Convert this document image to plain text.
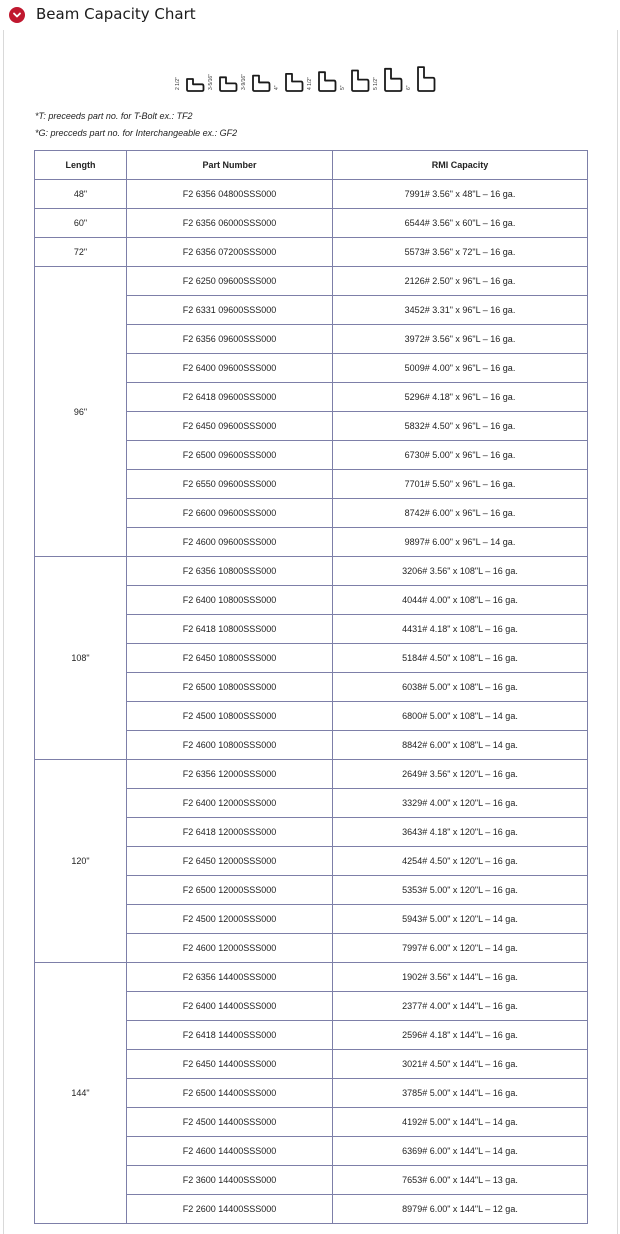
Beam Capacity Chart
2 1/2"	3-5/16"	3-9/16"	4"	4 1/2"	5"	5 1/2"	6"
*T: preceeds part no. for T-Bolt ex.: TF2
*G: precceds part no. for Interchangeable ex.: GF2
Length	Part Number	RMI Capacity
48"	F2 6356 04800SSS000	7991# 3.56" x 48"L – 16 ga.
60"	F2 6356 06000SSS000	6544# 3.56" x 60"L – 16 ga.
72"	F2 6356 07200SSS000	5573# 3.56" x 72"L – 16 ga.
96"	F2 6250 09600SSS000	2126# 2.50" x 96"L – 16 ga.
	F2 6331 09600SSS000	3452# 3.31" x 96"L – 16 ga.
	F2 6356 09600SSS000	3972# 3.56" x 96"L – 16 ga.
	F2 6400 09600SSS000	5009# 4.00" x 96"L – 16 ga.
	F2 6418 09600SSS000	5296# 4.18" x 96"L – 16 ga.
	F2 6450 09600SSS000	5832# 4.50" x 96"L – 16 ga.
	F2 6500 09600SSS000	6730# 5.00" x 96"L – 16 ga.
	F2 6550 09600SSS000	7701# 5.50" x 96"L – 16 ga.
	F2 6600 09600SSS000	8742# 6.00" x 96"L – 16 ga.
	F2 4600 09600SSS000	9897# 6.00" x 96"L – 14 ga.
108"	F2 6356 10800SSS000	3206# 3.56" x 108"L – 16 ga.
	F2 6400 10800SSS000	4044# 4.00" x 108"L – 16 ga.
	F2 6418 10800SSS000	4431# 4.18" x 108"L – 16 ga.
	F2 6450 10800SSS000	5184# 4.50" x 108"L – 16 ga.
	F2 6500 10800SSS000	6038# 5.00" x 108"L – 16 ga.
	F2 4500 10800SSS000	6800# 5.00" x 108"L – 14 ga.
	F2 4600 10800SSS000	8842# 6.00" x 108"L – 14 ga.
120"	F2 6356 12000SSS000	2649# 3.56" x 120"L – 16 ga.
	F2 6400 12000SSS000	3329# 4.00" x 120"L – 16 ga.
	F2 6418 12000SSS000	3643# 4.18" x 120"L – 16 ga.
	F2 6450 12000SSS000	4254# 4.50" x 120"L – 16 ga.
	F2 6500 12000SSS000	5353# 5.00" x 120"L – 16 ga.
	F2 4500 12000SSS000	5943# 5.00" x 120"L – 14 ga.
	F2 4600 12000SSS000	7997# 6.00" x 120"L – 14 ga.
144"	F2 6356 14400SSS000	1902# 3.56" x 144"L – 16 ga.
	F2 6400 14400SSS000	2377# 4.00" x 144"L – 16 ga.
	F2 6418 14400SSS000	2596# 4.18" x 144"L – 16 ga.
	F2 6450 14400SSS000	3021# 4.50" x 144"L – 16 ga.
	F2 6500 14400SSS000	3785# 5.00" x 144"L – 16 ga.
	F2 4500 14400SSS000	4192# 5.00" x 144"L – 14 ga.
	F2 4600 14400SSS000	6369# 6.00" x 144"L – 14 ga.
	F2 3600 14400SSS000	7653# 6.00" x 144"L – 13 ga.
	F2 2600 14400SSS000	8979# 6.00" x 144"L – 12 ga.
